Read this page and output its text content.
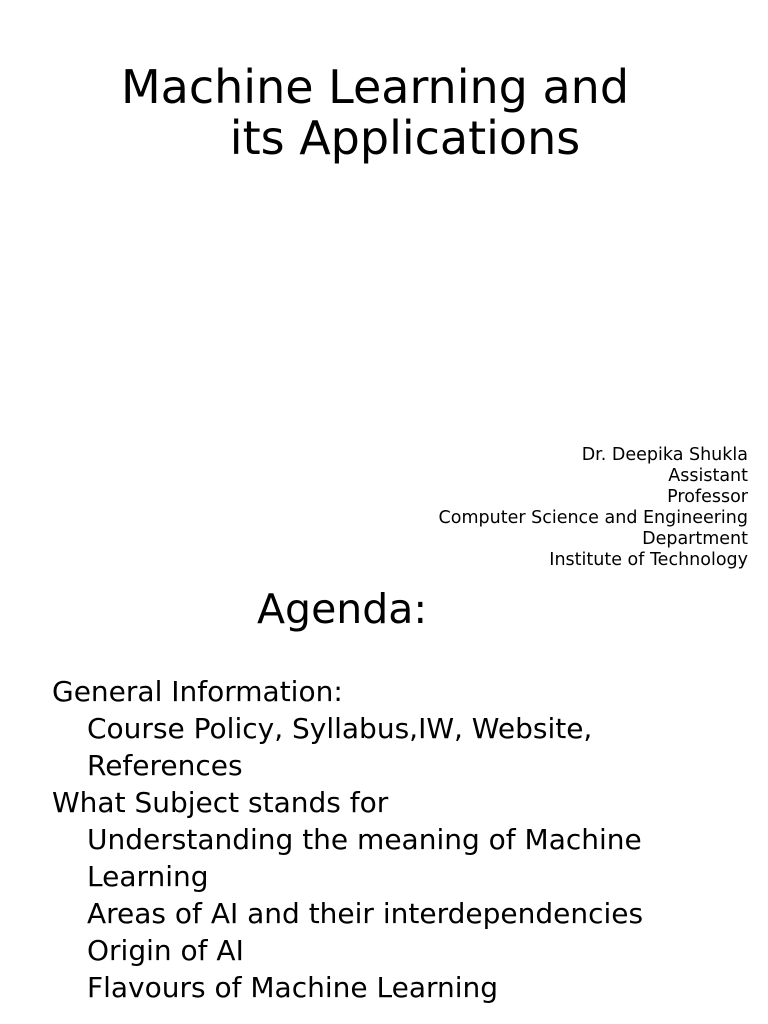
Machine Learning and
its Applications
Dr. Deepika Shukla
Assistant
Professor
Computer Science and Engineering
Department
Institute of Technology
Agenda:
General Information:
Course Policy, Syllabus,IW, Website,
References
What Subject stands for
Understanding the meaning of Machine
Learning
Areas of AI and their interdependencies
Origin of AI
Flavours of Machine Learning
